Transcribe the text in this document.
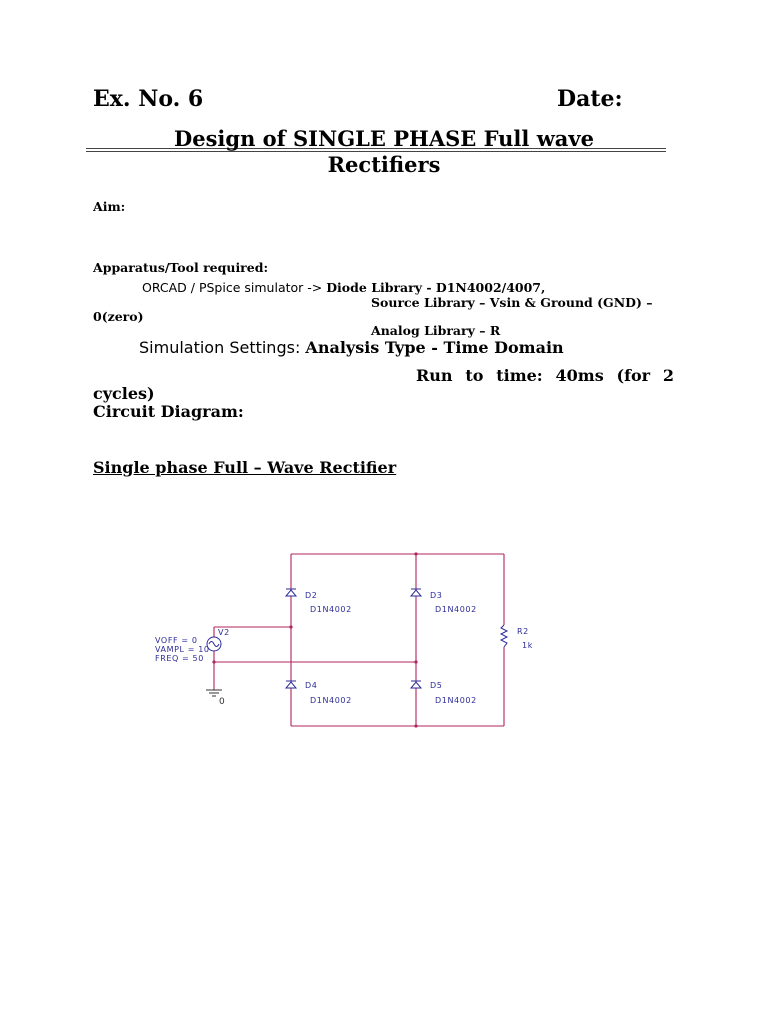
Ex. No. 6	Date:
Design of SINGLE PHASE Full wave
Rectifiers
Aim:
Apparatus/Tool required:
ORCAD / PSpice simulator -> Diode Library - D1N4002/4007,
Source Library – Vsin & Ground (GND) –
0(zero)
Analog Library – R
Simulation Settings: Analysis Type - Time Domain
Run to time: 40ms (for 2
cycles)
Circuit Diagram:
Single phase Full – Wave Rectifier
D2
D1N4002
D3
D1N4002
D4
D1N4002
D5
D1N4002
R2
1k
V2
VOFF = 0
VAMPL = 10
FREQ = 50
0
